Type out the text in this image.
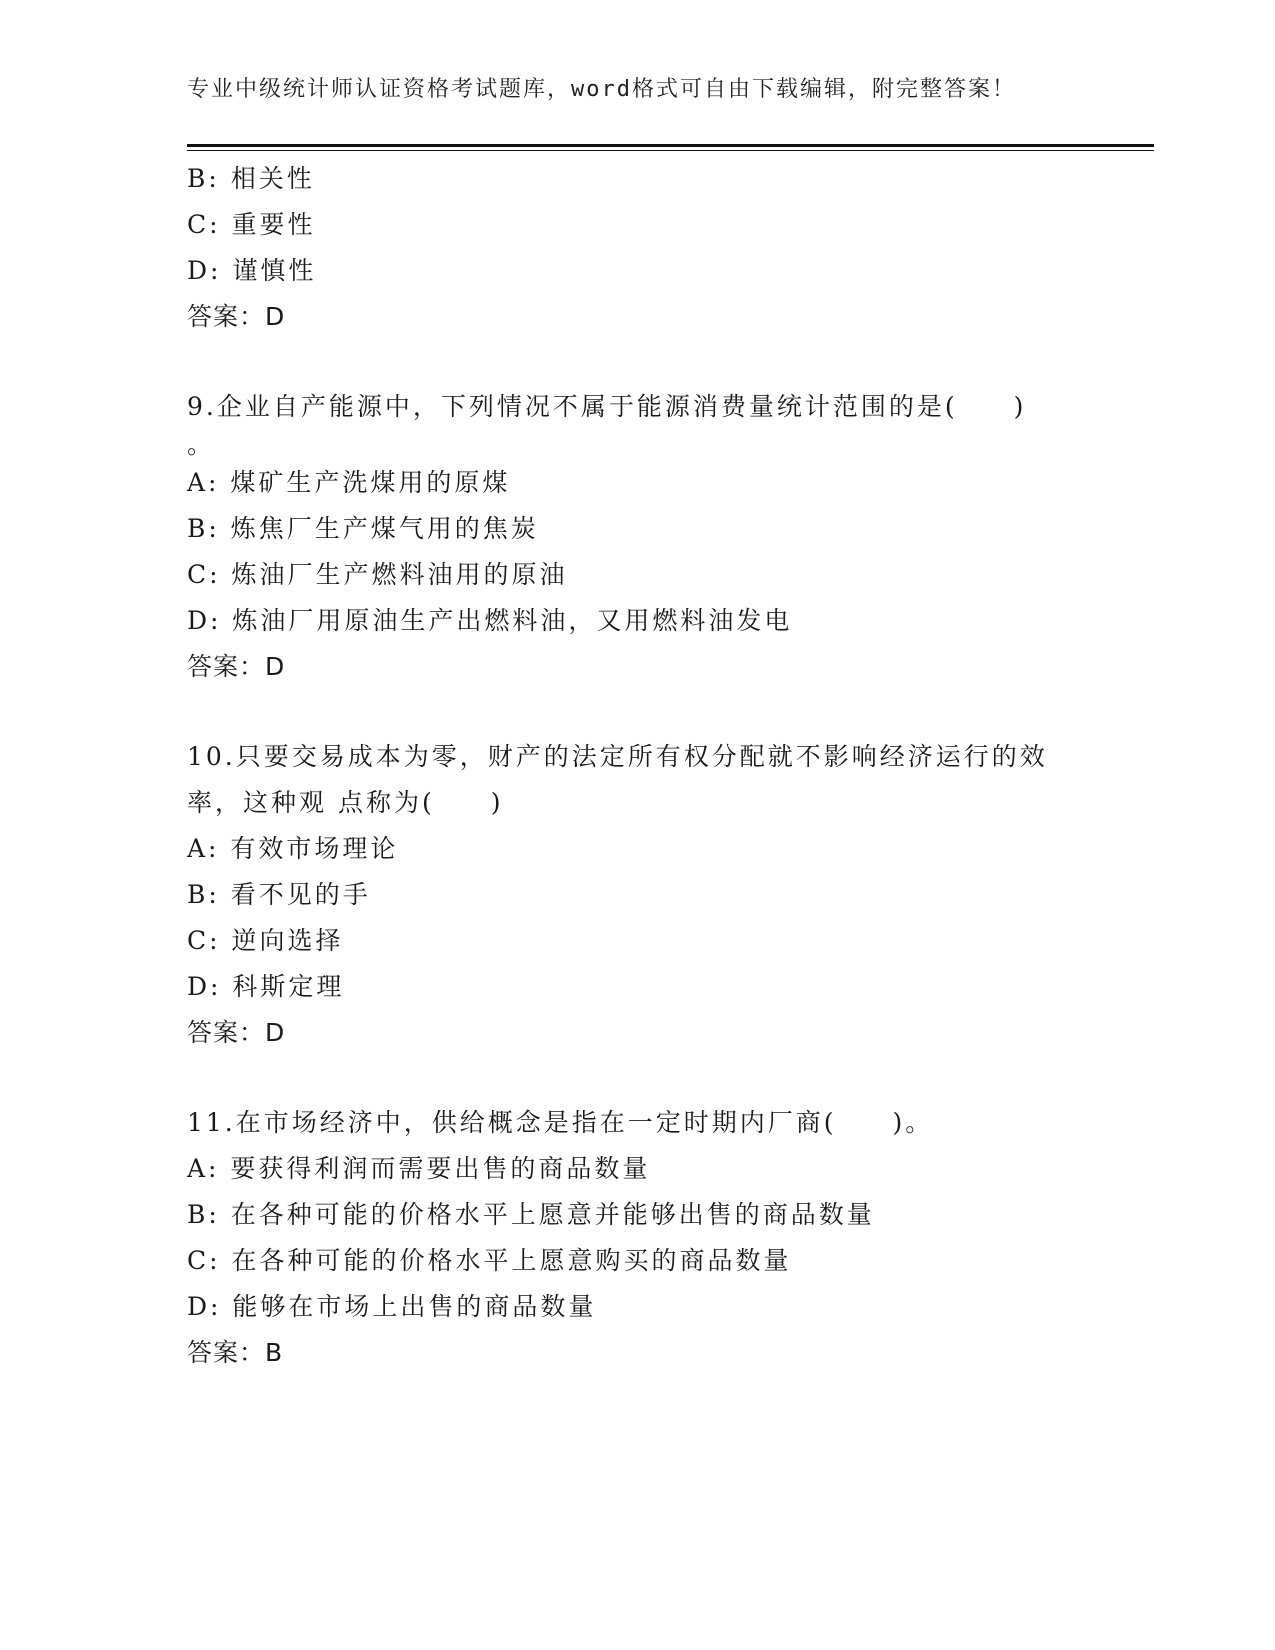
专业中级统计师认证资格考试题库，word格式可自由下载编辑，附完整答案！
B: 相关性
C: 重要性
D: 谨慎性
答案：D
9.企业自产能源中，下列情况不属于能源消费量统计范围的是(　　)
。
A: 煤矿生产洗煤用的原煤
B: 炼焦厂生产煤气用的焦炭
C: 炼油厂生产燃料油用的原油
D: 炼油厂用原油生产出燃料油，又用燃料油发电
答案：D
10.只要交易成本为零，财产的法定所有权分配就不影响经济运行的效
率，这种观 点称为(　　)
A: 有效市场理论
B: 看不见的手
C: 逆向选择
D: 科斯定理
答案：D
11.在市场经济中，供给概念是指在一定时期内厂商(　　)。
A: 要获得利润而需要出售的商品数量
B: 在各种可能的价格水平上愿意并能够出售的商品数量
C: 在各种可能的价格水平上愿意购买的商品数量
D: 能够在市场上出售的商品数量
答案：B
